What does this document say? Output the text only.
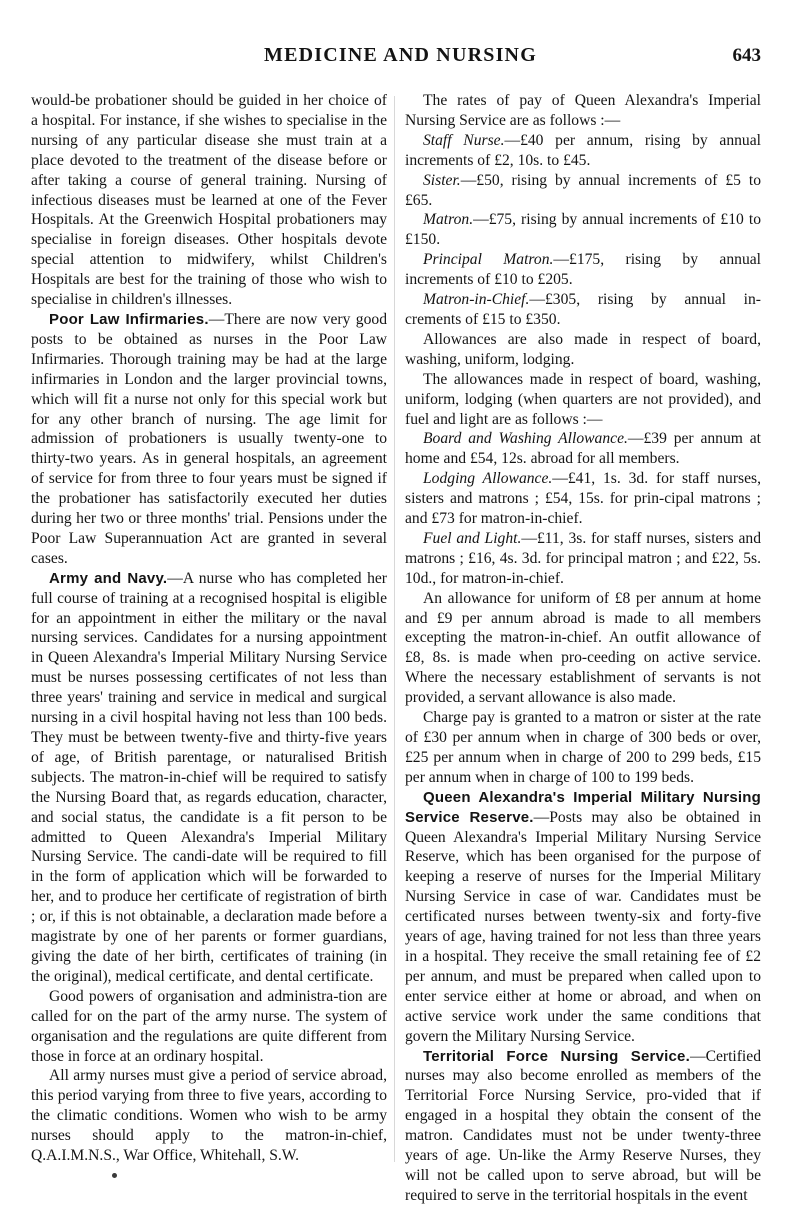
MEDICINE AND NURSING	643

would-be probationer should be guided in her choice of a hospital. For instance, if she wishes to specialise in the nursing of any particular disease she must train at a place devoted to the treatment of the disease before or after taking a course of general training. Nursing of infectious diseases must be learned at one of the Fever Hospitals. At the Greenwich Hospital probationers may specialise in foreign diseases. Other hospitals devote special attention to midwifery, whilst Children's Hospitals are best for the training of those who wish to specialise in children's illnesses.

Poor Law Infirmaries.—There are now very good posts to be obtained as nurses in the Poor Law Infirmaries. Thorough training may be had at the large infirmaries in London and the larger provincial towns, which will fit a nurse not only for this special work but for any other branch of nursing. The age limit for admission of probationers is usually twenty-one to thirty-two years. As in general hospitals, an agreement of service for from three to four years must be signed if the probationer has satisfactorily executed her duties during her two or three months' trial. Pensions under the Poor Law Superannuation Act are granted in several cases.

Army and Navy.—A nurse who has completed her full course of training at a recognised hospital is eligible for an appointment in either the military or the naval nursing services. Candidates for a nursing appointment in Queen Alexandra's Imperial Military Nursing Service must be nurses possessing certificates of not less than three years' training and service in medical and surgical nursing in a civil hospital having not less than 100 beds. They must be between twenty-five and thirty-five years of age, of British parentage, or naturalised British subjects. The matron-in-chief will be required to satisfy the Nursing Board that, as regards education, character, and social status, the candidate is a fit person to be admitted to Queen Alexandra's Imperial Military Nursing Service. The candi-date will be required to fill in the form of application which will be forwarded to her, and to produce her certificate of registration of birth ; or, if this is not obtainable, a declaration made before a magistrate by one of her parents or former guardians, giving the date of her birth, certificates of training (in the original), medical certificate, and dental certificate.

Good powers of organisation and administra-tion are called for on the part of the army nurse. The system of organisation and the regulations are quite different from those in force at an ordinary hospital.

All army nurses must give a period of service abroad, this period varying from three to five years, according to the climatic conditions. Women who wish to be army nurses should apply to the matron-in-chief, Q.A.I.M.N.S., War Office, Whitehall, S.W.

The rates of pay of Queen Alexandra's Imperial Nursing Service are as follows :—

Staff Nurse.—£40 per annum, rising by annual increments of £2, 10s. to £45.

Sister.—£50, rising by annual increments of £5 to £65.

Matron.—£75, rising by annual increments of £10 to £150.

Principal Matron.—£175, rising by annual increments of £10 to £205.

Matron-in-Chief.—£305, rising by annual in-crements of £15 to £350.

Allowances are also made in respect of board, washing, uniform, lodging.

The allowances made in respect of board, washing, uniform, lodging (when quarters are not provided), and fuel and light are as follows :—

Board and Washing Allowance.—£39 per annum at home and £54, 12s. abroad for all members.

Lodging Allowance.—£41, 1s. 3d. for staff nurses, sisters and matrons ; £54, 15s. for prin-cipal matrons ; and £73 for matron-in-chief.

Fuel and Light.—£11, 3s. for staff nurses, sisters and matrons ; £16, 4s. 3d. for principal matron ; and £22, 5s. 10d., for matron-in-chief.

An allowance for uniform of £8 per annum at home and £9 per annum abroad is made to all members excepting the matron-in-chief. An outfit allowance of £8, 8s. is made when pro-ceeding on active service. Where the necessary establishment of servants is not provided, a servant allowance is also made.

Charge pay is granted to a matron or sister at the rate of £30 per annum when in charge of 300 beds or over, £25 per annum when in charge of 200 to 299 beds, £15 per annum when in charge of 100 to 199 beds.

Queen Alexandra's Imperial Military Nursing Service Reserve.—Posts may also be obtained in Queen Alexandra's Imperial Military Nursing Service Reserve, which has been organised for the purpose of keeping a reserve of nurses for the Imperial Military Nursing Service in case of war. Candidates must be certificated nurses between twenty-six and forty-five years of age, having trained for not less than three years in a hospital. They receive the small retaining fee of £2 per annum, and must be prepared when called upon to enter service either at home or abroad, and when on active service work under the same conditions that govern the Military Nursing Service.

Territorial Force Nursing Service.—Certified nurses may also become enrolled as members of the Territorial Force Nursing Service, pro-vided that if engaged in a hospital they obtain the consent of the matron. Candidates must not be under twenty-three years of age. Un-like the Army Reserve Nurses, they will not be called upon to serve abroad, but will be required to serve in the territorial hospitals in the event
